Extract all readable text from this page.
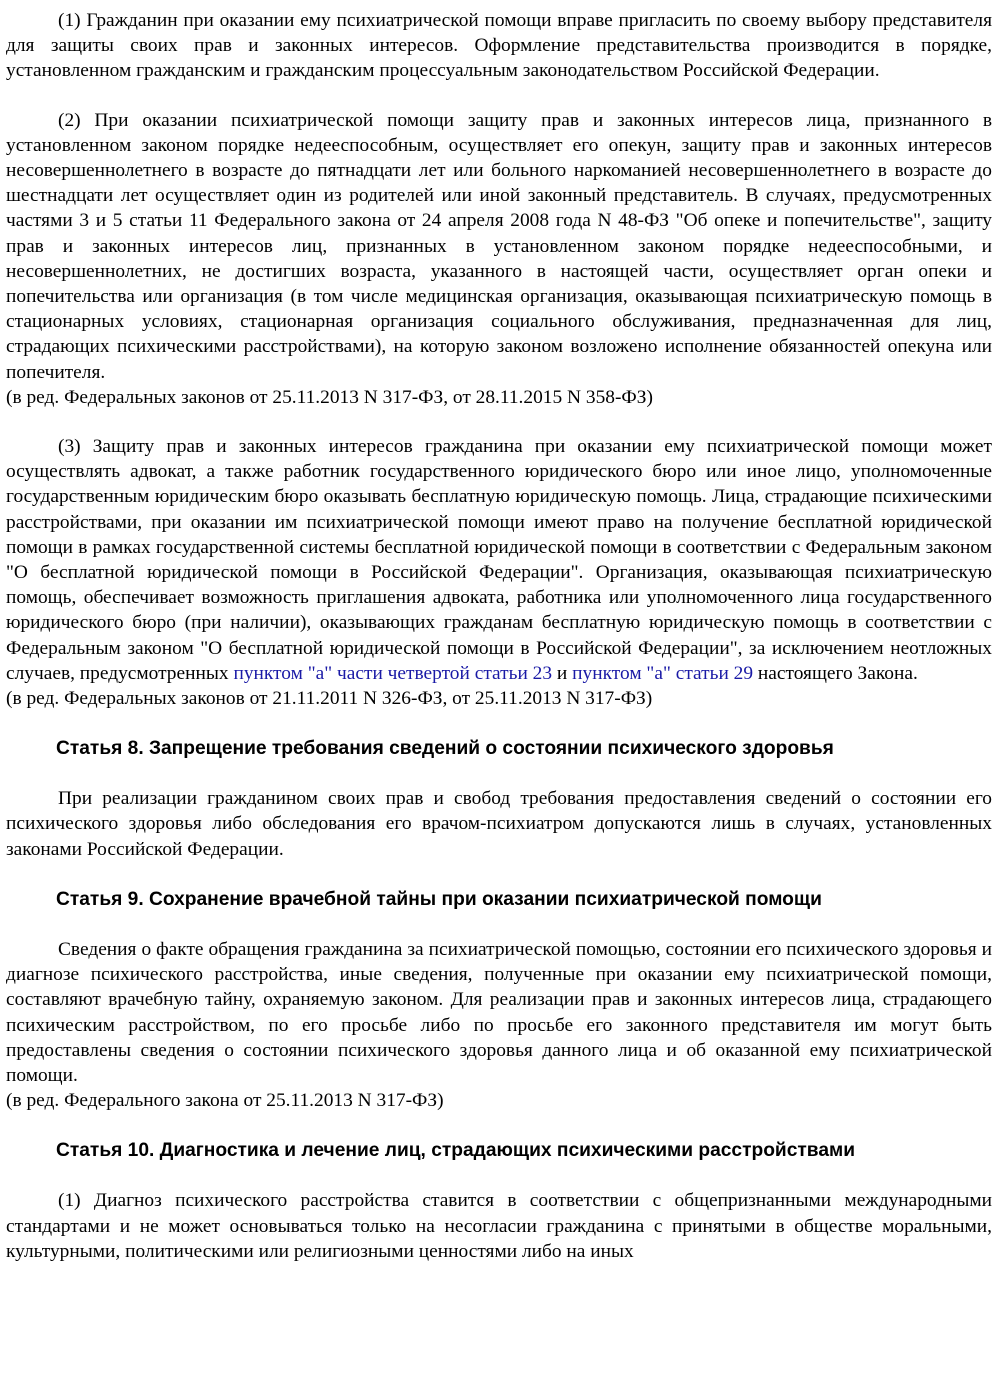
(1) Гражданин при оказании ему психиатрической помощи вправе пригласить по своему выбору представителя для защиты своих прав и законных интересов. Оформление представительства производится в порядке, установленном гражданским и гражданским процессуальным законодательством Российской Федерации.

(2) При оказании психиатрической помощи защиту прав и законных интересов лица, признанного в установленном законом порядке недееспособным, осуществляет его опекун, защиту прав и законных интересов несовершеннолетнего в возрасте до пятнадцати лет или больного наркоманией несовершеннолетнего в возрасте до шестнадцати лет осуществляет один из родителей или иной законный представитель. В случаях, предусмотренных частями 3 и 5 статьи 11 Федерального закона от 24 апреля 2008 года N 48-ФЗ "Об опеке и попечительстве", защиту прав и законных интересов лиц, признанных в установленном законом порядке недееспособными, и несовершеннолетних, не достигших возраста, указанного в настоящей части, осуществляет орган опеки и попечительства или организация (в том числе медицинская организация, оказывающая психиатрическую помощь в стационарных условиях, стационарная организация социального обслуживания, предназначенная для лиц, страдающих психическими расстройствами), на которую законом возложено исполнение обязанностей опекуна или попечителя.

(в ред. Федеральных законов от 25.11.2013 N 317-ФЗ, от 28.11.2015 N 358-ФЗ)

(3) Защиту прав и законных интересов гражданина при оказании ему психиатрической помощи может осуществлять адвокат, а также работник государственного юридического бюро или иное лицо, уполномоченные государственным юридическим бюро оказывать бесплатную юридическую помощь. Лица, страдающие психическими расстройствами, при оказании им психиатрической помощи имеют право на получение бесплатной юридической помощи в рамках государственной системы бесплатной юридической помощи в соответствии с Федеральным законом "О бесплатной юридической помощи в Российской Федерации". Организация, оказывающая психиатрическую помощь, обеспечивает возможность приглашения адвоката, работника или уполномоченного лица государственного юридического бюро (при наличии), оказывающих гражданам бесплатную юридическую помощь в соответствии с Федеральным законом "О бесплатной юридической помощи в Российской Федерации", за исключением неотложных случаев, предусмотренных пунктом "а" части четвертой статьи 23 и пунктом "а" статьи 29 настоящего Закона.

(в ред. Федеральных законов от 21.11.2011 N 326-ФЗ, от 25.11.2013 N 317-ФЗ)

Статья 8. Запрещение требования сведений о состоянии психического здоровья

При реализации гражданином своих прав и свобод требования предоставления сведений о состоянии его психического здоровья либо обследования его врачом-психиатром допускаются лишь в случаях, установленных законами Российской Федерации.

Статья 9. Сохранение врачебной тайны при оказании психиатрической помощи

Сведения о факте обращения гражданина за психиатрической помощью, состоянии его психического здоровья и диагнозе психического расстройства, иные сведения, полученные при оказании ему психиатрической помощи, составляют врачебную тайну, охраняемую законом. Для реализации прав и законных интересов лица, страдающего психическим расстройством, по его просьбе либо по просьбе его законного представителя им могут быть предоставлены сведения о состоянии психического здоровья данного лица и об оказанной ему психиатрической помощи.

(в ред. Федерального закона от 25.11.2013 N 317-ФЗ)

Статья 10. Диагностика и лечение лиц, страдающих психическими расстройствами

(1) Диагноз психического расстройства ставится в соответствии с общепризнанными международными стандартами и не может основываться только на несогласии гражданина с принятыми в обществе моральными, культурными, политическими или религиозными ценностями либо на иных
